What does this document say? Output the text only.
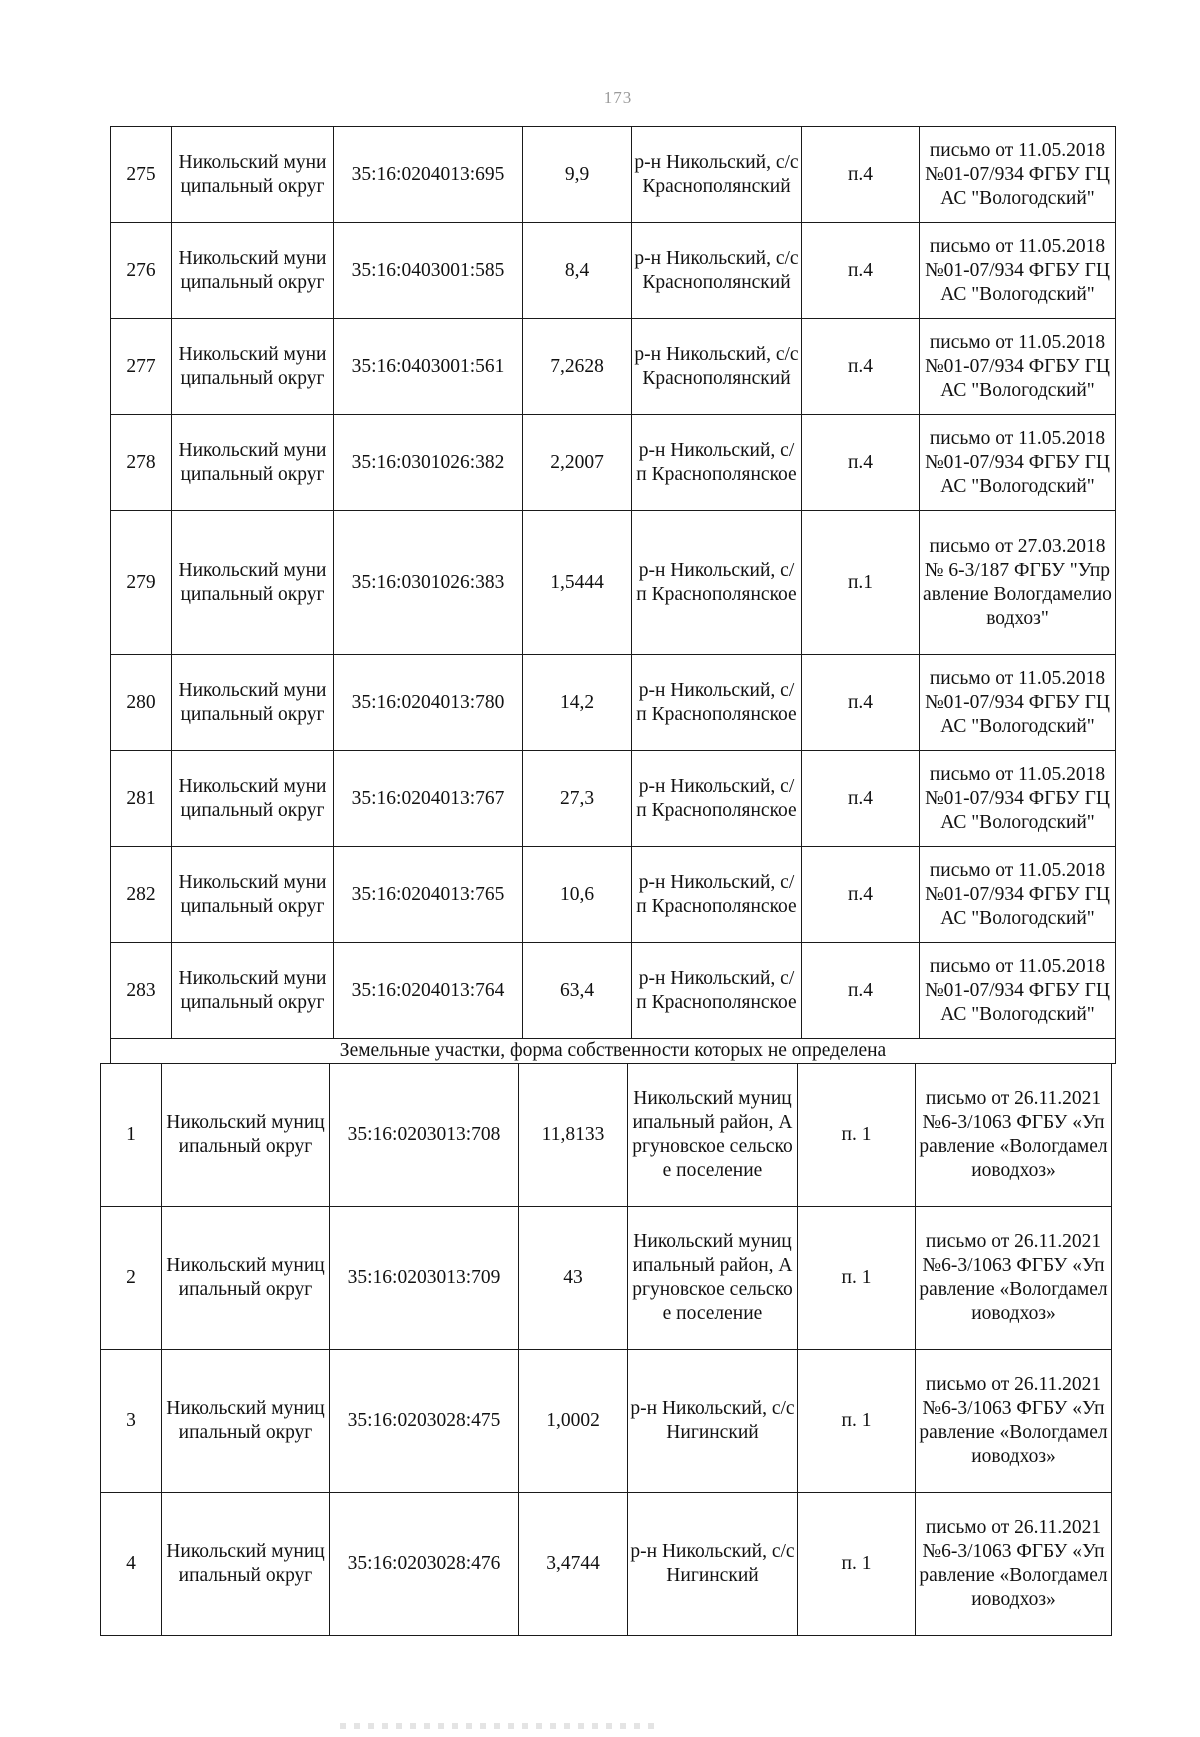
173
275	Никольский муниципальный округ	35:16:0204013:695	9,9	р-н Никольский, с/с Краснополянский	п.4	письмо от 11.05.2018 №01-07/934 ФГБУ ГЦАС "Вологодский"
276	Никольский муниципальный округ	35:16:0403001:585	8,4	р-н Никольский, с/с Краснополянский	п.4	письмо от 11.05.2018 №01-07/934 ФГБУ ГЦАС "Вологодский"
277	Никольский муниципальный округ	35:16:0403001:561	7,2628	р-н Никольский, с/с Краснополянский	п.4	письмо от 11.05.2018 №01-07/934 ФГБУ ГЦАС "Вологодский"
278	Никольский муниципальный округ	35:16:0301026:382	2,2007	р-н Никольский, с/п Краснополянское	п.4	письмо от 11.05.2018 №01-07/934 ФГБУ ГЦАС "Вологодский"
279	Никольский муниципальный округ	35:16:0301026:383	1,5444	р-н Никольский, с/п Краснополянское	п.1	письмо от 27.03.2018 № 6-3/187 ФГБУ "Управление Вологдамелиоводхоз"
280	Никольский муниципальный округ	35:16:0204013:780	14,2	р-н Никольский, с/п Краснополянское	п.4	письмо от 11.05.2018 №01-07/934 ФГБУ ГЦАС "Вологодский"
281	Никольский муниципальный округ	35:16:0204013:767	27,3	р-н Никольский, с/п Краснополянское	п.4	письмо от 11.05.2018 №01-07/934 ФГБУ ГЦАС "Вологодский"
282	Никольский муниципальный округ	35:16:0204013:765	10,6	р-н Никольский, с/п Краснополянское	п.4	письмо от 11.05.2018 №01-07/934 ФГБУ ГЦАС "Вологодский"
283	Никольский муниципальный округ	35:16:0204013:764	63,4	р-н Никольский, с/п Краснополянское	п.4	письмо от 11.05.2018 №01-07/934 ФГБУ ГЦАС "Вологодский"
Земельные участки, форма собственности которых не определена						
1	Никольский муниципальный округ	35:16:0203013:708	11,8133	Никольский муниципальный район, Аргуновское сельское поселение	п. 1	письмо от 26.11.2021 №6-3/1063 ФГБУ «Управление «Вологдамелиоводхоз»
2	Никольский муниципальный округ	35:16:0203013:709	43	Никольский муниципальный район, Аргуновское сельское поселение	п. 1	письмо от 26.11.2021 №6-3/1063 ФГБУ «Управление «Вологдамелиоводхоз»
3	Никольский муниципальный округ	35:16:0203028:475	1,0002	р-н Никольский, с/с Нигинский	п. 1	письмо от 26.11.2021 №6-3/1063 ФГБУ «Управление «Вологдамелиоводхоз»
4	Никольский муниципальный округ	35:16:0203028:476	3,4744	р-н Никольский, с/с Нигинский	п. 1	письмо от 26.11.2021 №6-3/1063 ФГБУ «Управление «Вологдамелиоводхоз»
